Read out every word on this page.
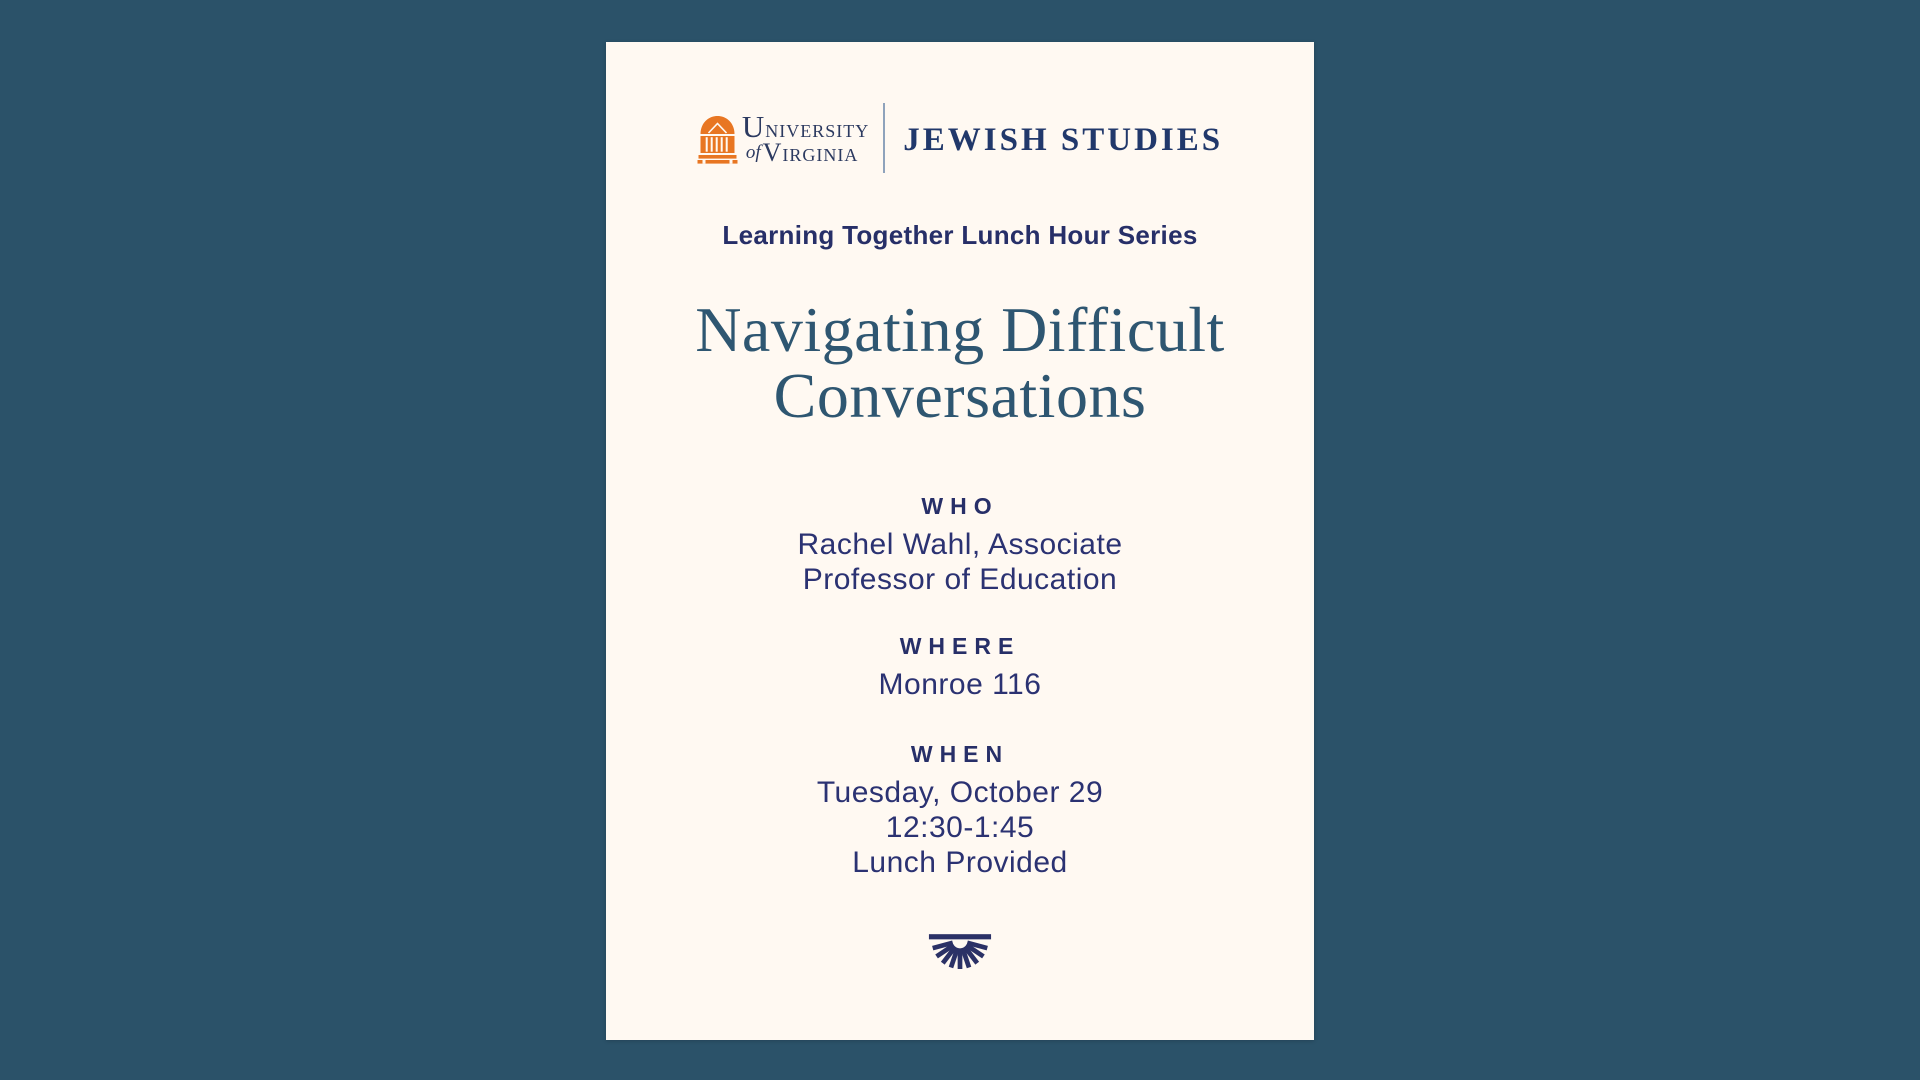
University
ofVirginia	JEWISH STUDIES

Learning Together Lunch Hour Series

Navigating Difficult
Conversations
WHO

Rachel Wahl, Associate

Professor of Education

WHERE

Monroe 116

WHEN

Tuesday, October 29

12:30-1:45

Lunch Provided
